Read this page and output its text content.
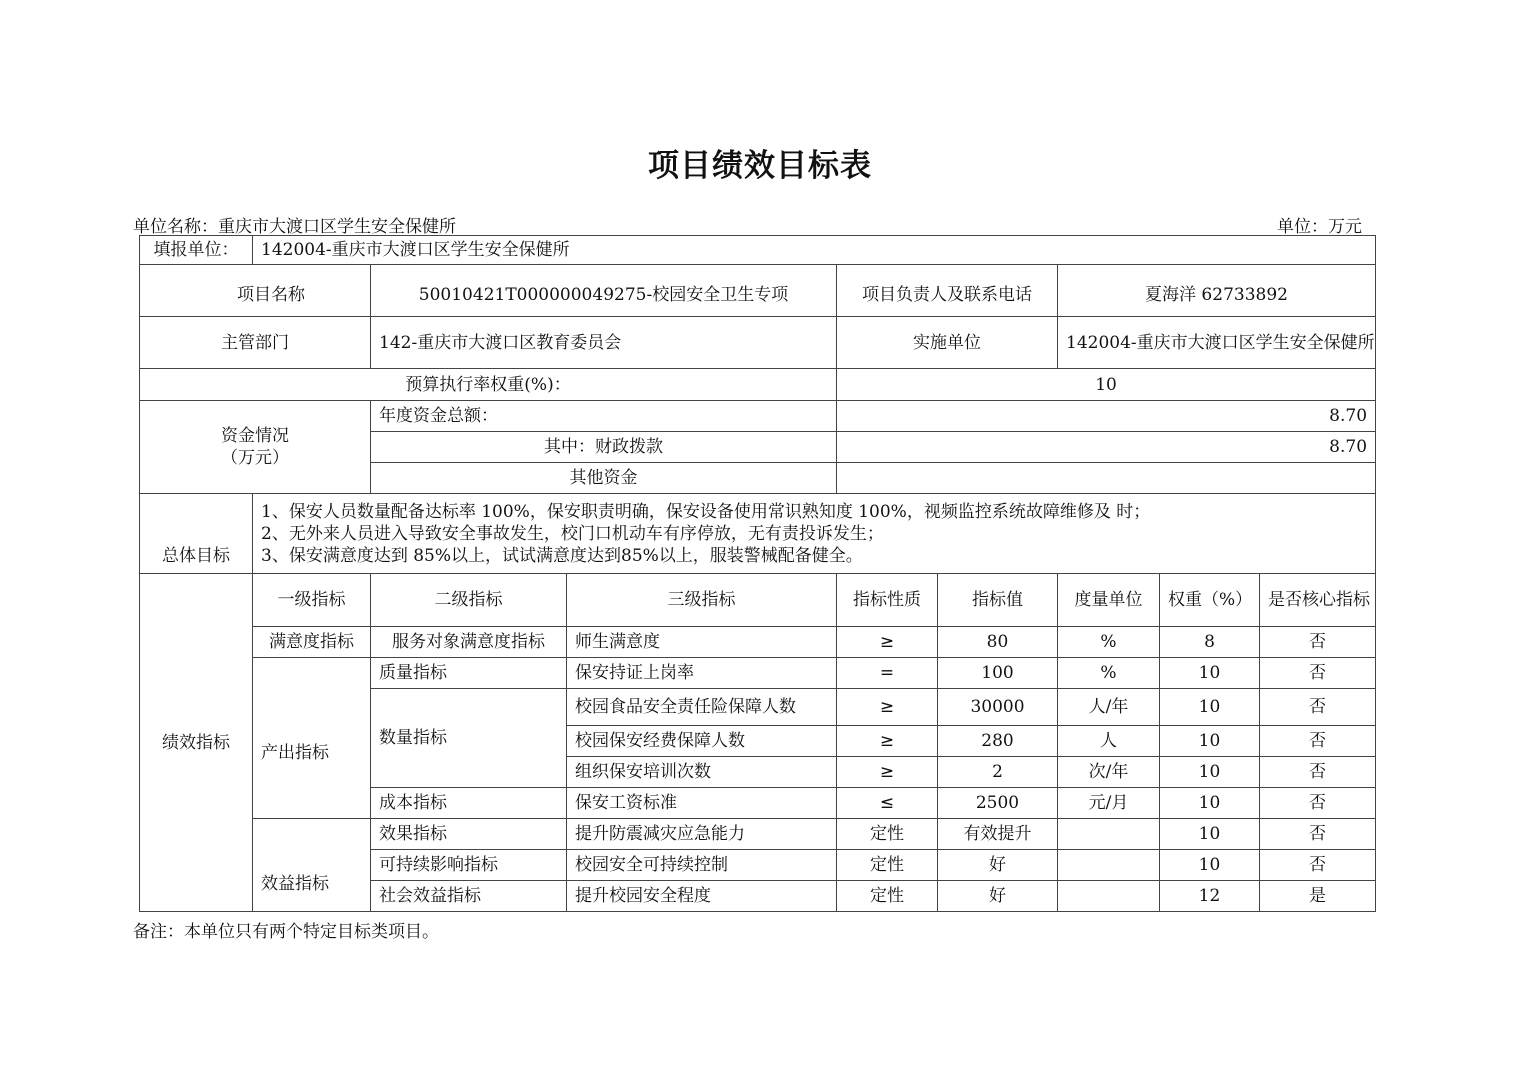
项目绩效目标表
单位名称：重庆市大渡口区学生安全保健所	单位：万元
填报单位：	142004-重庆市大渡口区学生安全保健所							
项目名称		50010421T000000049275-校园安全卫生专项		项目负责人及联系电话		夏海洋 62733892		
主管部门		142-重庆市大渡口区教育委员会		实施单位		142004-重庆市大渡口区学生安全保健所		
预算执行率权重(%)：				10				

资金情况
（万元）		年度资金总额：		8.70				
		其中：财政拨款		8.70				
		其他资金						
总体目标	1、保安人员数量配备达标率 100%，保安职责明确，保安设备使用常识熟知度 100%，视频监控系统故障维修及 时；
2、无外来人员进入导致安全事故发生，校门口机动车有序停放，无有责投诉发生；
3、保安满意度达到 85%以上，试试满意度达到85%以上，服装警械配备健全。							

绩效指标	一级指标	二级指标	三级指标	指标性质	指标值	度量单位	权重（%）	是否核心指标
	满意度指标	服务对象满意度指标	师生满意度	≥	80	%	8	否
	产出指标	质量指标	保安持证上岗率	=	100	%	10	否
		数量指标	校园食品安全责任险保障人数	≥	30000	人/年	10	否
			校园保安经费保障人数	≥	280	人	10	否
			组织保安培训次数	≥	2	次/年	10	否
		成本指标	保安工资标准	≤	2500	元/月	10	否
	效益指标	效果指标	提升防震减灾应急能力	定性	有效提升		10	否
		可持续影响指标	校园安全可持续控制	定性	好		10	否
		社会效益指标	提升校园安全程度	定性	好		12	是
备注：本单位只有两个特定目标类项目。
